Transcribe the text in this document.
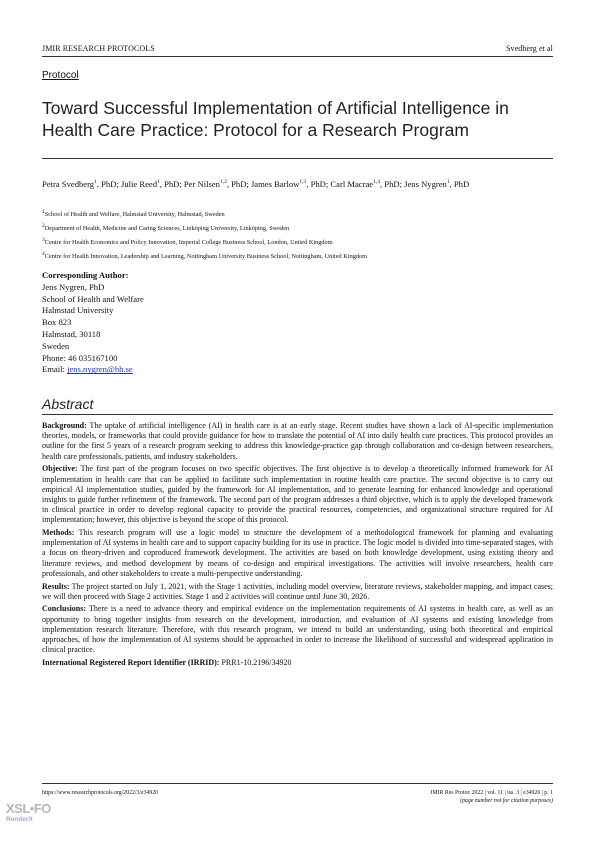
JMIR RESEARCH PROTOCOLS	Svedberg et al
Protocol
Toward Successful Implementation of Artificial Intelligence in Health Care Practice: Protocol for a Research Program
Petra Svedberg$^1$, PhD; Julie Reed$^1$, PhD; Per Nilsen$^{1,2}$, PhD; James Barlow$^{1,3}$, PhD; Carl Macrae$^{1,4}$, PhD; Jens Nygren$^1$, PhD
$^1$School of Health and Welfare, Halmstad University, Halmstad, Sweden
$^2$Department of Health, Medicine and Caring Sciences, Linköping University, Linköping, Sweden
$^3$Centre for Health Economics and Policy Innovation, Imperial College Business School, London, United Kingdom
$^4$Centre for Health Innovation, Leadership and Learning, Nottingham University Business School, Nottingham, United Kingdom
Corresponding Author:
Jens Nygren, PhD
School of Health and Welfare
Halmstad University
Box 823
Halmstad, 30118
Sweden
Phone: 46 035167100
Email: jens.nygren@hh.se
Abstract

Background: The uptake of artificial intelligence (AI) in health care is at an early stage. Recent studies have shown a lack of AI-specific implementation theories, models, or frameworks that could provide guidance for how to translate the potential of AI into daily health care practices. This protocol provides an outline for the first 5 years of a research program seeking to address this knowledge-practice gap through collaboration and co-design between researchers, health care professionals, patients, and industry stakeholders.

Objective: The first part of the program focuses on two specific objectives. The first objective is to develop a theoretically informed framework for AI implementation in health care that can be applied to facilitate such implementation in routine health care practice. The second objective is to carry out empirical AI implementation studies, guided by the framework for AI implementation, and to generate learning for enhanced knowledge and operational insights to guide further refinement of the framework. The second part of the program addresses a third objective, which is to apply the developed framework in clinical practice in order to develop regional capacity to provide the practical resources, competencies, and organizational structure required for AI implementation; however, this objective is beyond the scope of this protocol.

Methods: This research program will use a logic model to structure the development of a methodological framework for planning and evaluating implementation of AI systems in health care and to support capacity building for its use in practice. The logic model is divided into time-separated stages, with a focus on theory-driven and coproduced framework development. The activities are based on both knowledge development, using existing theory and literature reviews, and method development by means of co-design and empirical investigations. The activities will involve researchers, health care professionals, and other stakeholders to create a multi-perspective understanding.

Results: The project started on July 1, 2021, with the Stage 1 activities, including model overview, literature reviews, stakeholder mapping, and impact cases; we will then proceed with Stage 2 activities. Stage 1 and 2 activities will continue until June 30, 2026.

Conclusions: There is a need to advance theory and empirical evidence on the implementation requirements of AI systems in health care, as well as an opportunity to bring together insights from research on the development, introduction, and evaluation of AI systems and existing knowledge from implementation research literature. Therefore, with this research program, we intend to build an understanding, using both theoretical and empirical approaches, of how the implementation of AI systems should be approached in order to increase the likelihood of successful and widespread application in clinical practice.

International Registered Report Identifier (IRRID): PRR1-10.2196/34920

https://www.researchprotocols.org/2022/3/e34920	JMIR Res Protoc 2022 | vol. 11 | iss. 3 | e34920 | p. 1
(page number not for citation purposes)
XSL•FO
RenderX
